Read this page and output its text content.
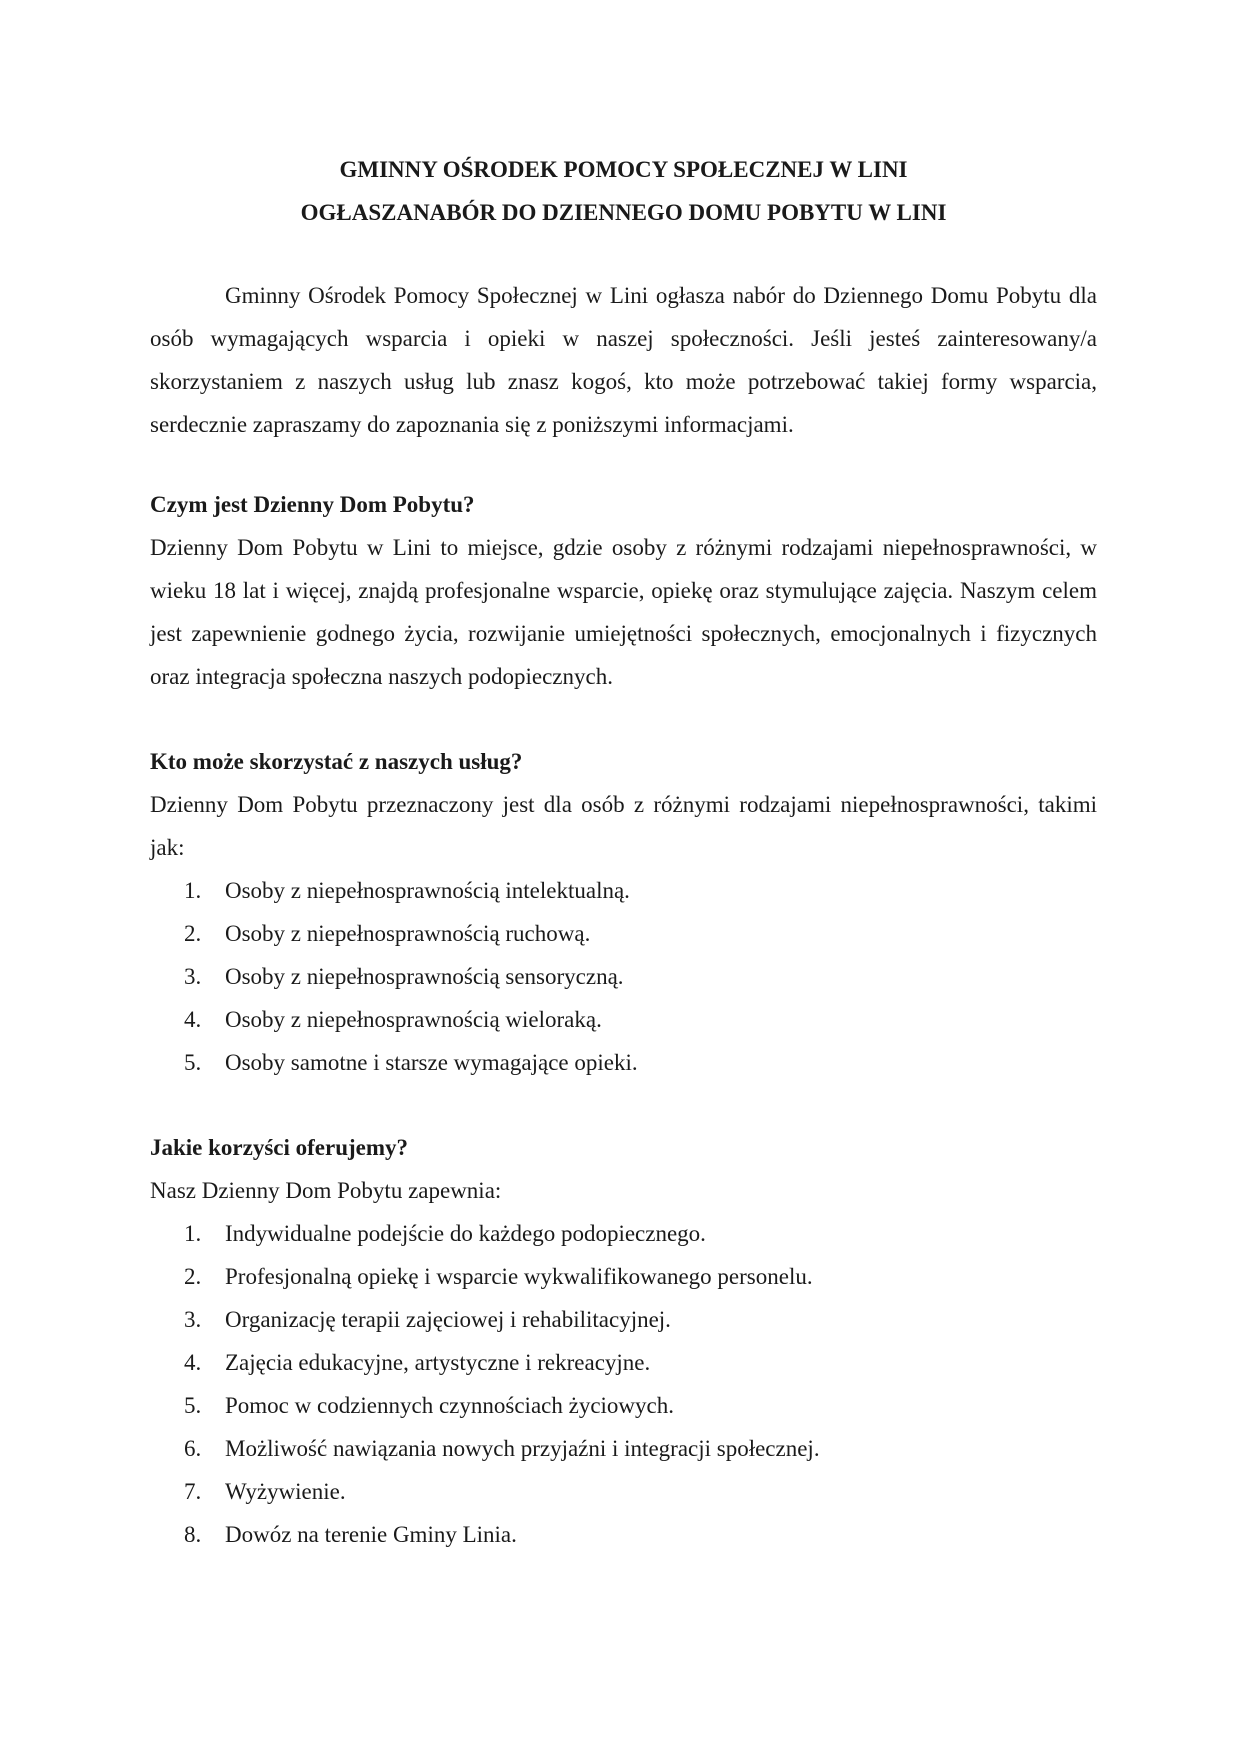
GMINNY OŚRODEK POMOCY SPOŁECZNEJ W LINI

OGŁASZANABÓR DO DZIENNEGO DOMU POBYTU W LINI

Gminny Ośrodek Pomocy Społecznej w Lini ogłasza nabór do Dziennego Domu Pobytu dla osób wymagających wsparcia i opieki w naszej społeczności. Jeśli jesteś zainteresowany/a skorzystaniem z naszych usług lub znasz kogoś, kto może potrzebować takiej formy wsparcia, serdecznie zapraszamy do zapoznania się z poniższymi informacjami.

Czym jest Dzienny Dom Pobytu?

Dzienny Dom Pobytu w Lini to miejsce, gdzie osoby z różnymi rodzajami niepełnosprawności, w wieku 18 lat i więcej, znajdą profesjonalne wsparcie, opiekę oraz stymulujące zajęcia. Naszym celem jest zapewnienie godnego życia, rozwijanie umiejętności społecznych, emocjonalnych i fizycznych oraz integracja społeczna naszych podopiecznych.

Kto może skorzystać z naszych usług?

Dzienny Dom Pobytu przeznaczony jest dla osób z różnymi rodzajami niepełnosprawności, takimi jak:

1.	Osoby z niepełnosprawnością intelektualną.
2.	Osoby z niepełnosprawnością ruchową.
3.	Osoby z niepełnosprawnością sensoryczną.
4.	Osoby z niepełnosprawnością wieloraką.
5.	Osoby samotne i starsze wymagające opieki.

Jakie korzyści oferujemy?

Nasz Dzienny Dom Pobytu zapewnia:

1.	Indywidualne podejście do każdego podopiecznego.
2.	Profesjonalną opiekę i wsparcie wykwalifikowanego personelu.
3.	Organizację terapii zajęciowej i rehabilitacyjnej.
4.	Zajęcia edukacyjne, artystyczne i rekreacyjne.
5.	Pomoc w codziennych czynnościach życiowych.
6.	Możliwość nawiązania nowych przyjaźni i integracji społecznej.
7.	Wyżywienie.
8.	Dowóz na terenie Gminy Linia.
